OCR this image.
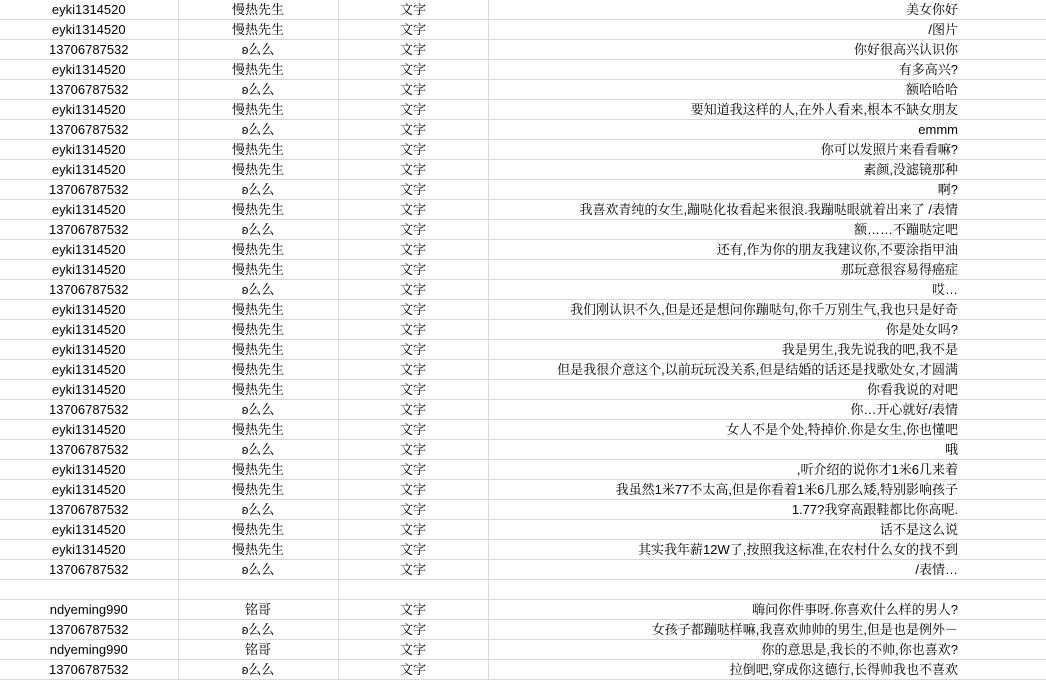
eyki1314520	慢热先生	文字	美女你好
eyki1314520	慢热先生	文字	/图片
13706787532	ʚ么么	文字	你好很高兴认识你
eyki1314520	慢热先生	文字	有多高兴?
13706787532	ʚ么么	文字	额哈哈哈
eyki1314520	慢热先生	文字	要知道我这样的人,在外人看来,根本不缺女朋友
13706787532	ʚ么么	文字	emmm
eyki1314520	慢热先生	文字	你可以发照片来看看嘛?
eyki1314520	慢热先生	文字	素颜,没滤镜那种
13706787532	ʚ么么	文字	啊?
eyki1314520	慢热先生	文字	我喜欢青纯的女生,蹦哒化妆看起来很浪.我蹦哒眼就着出来了 /表情
13706787532	ʚ么么	文字	额……不蹦哒定吧
eyki1314520	慢热先生	文字	还有,作为你的朋友我建议你,不要涂指甲油
eyki1314520	慢热先生	文字	那玩意很容易得癌症
13706787532	ʚ么么	文字	哎…
eyki1314520	慢热先生	文字	我们刚认识不久,但是还是想问你蹦哒句,你千万别生气,我也只是好奇
eyki1314520	慢热先生	文字	你是处女吗?
eyki1314520	慢热先生	文字	我是男生,我先说我的吧,我不是
eyki1314520	慢热先生	文字	但是我很介意这个,以前玩玩没关系,但是结婚的话还是找歌处女,才圆满
eyki1314520	慢热先生	文字	你看我说的对吧
13706787532	ʚ么么	文字	你…开心就好/表情
eyki1314520	慢热先生	文字	女人不是个处,特掉价.你是女生,你也懂吧
13706787532	ʚ么么	文字	哦
eyki1314520	慢热先生	文字	,听介绍的说你才1米6几来着
eyki1314520	慢热先生	文字	我虽然1米77不太高,但是你看着1米6几那么矮,特别影响孩子
13706787532	ʚ么么	文字	1.77?我穿高跟鞋都比你高呢.
eyki1314520	慢热先生	文字	话不是这么说
eyki1314520	慢热先生	文字	其实我年薪12W了,按照我这标准,在农村什么女的找不到
13706787532	ʚ么么	文字	/表情…

ndyeming990	铭哥	文字	嗨问你件事呀.你喜欢什么样的男人?
13706787532	ʚ么么	文字	女孩子都蹦哒样嘛,我喜欢帅帅的男生,但是也是例外－
ndyeming990	铭哥	文字	你的意思是,我长的不帅,你也喜欢?
13706787532	ʚ么么	文字	拉倒吧,穿成你这德行,长得帅我也不喜欢
